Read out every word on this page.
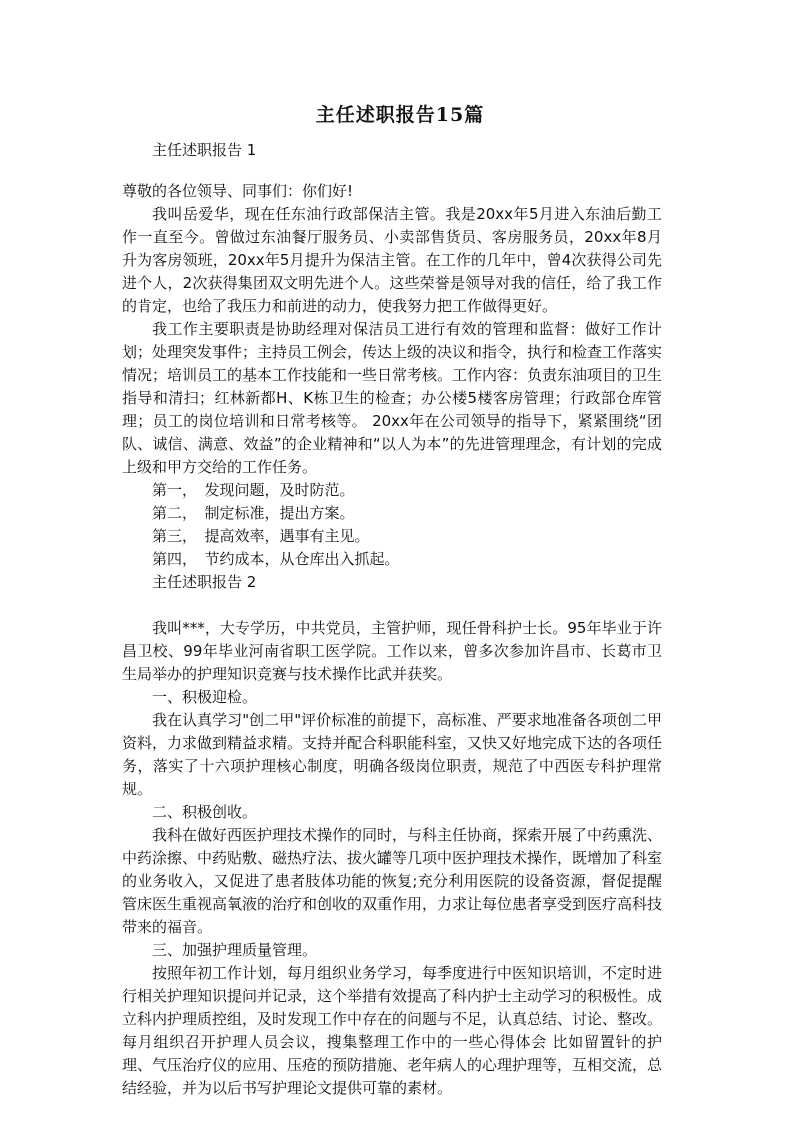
主任述职报告15篇

主任述职报告 1

尊敬的各位领导、同事们：你们好!

我叫岳爱华，现在任东油行政部保洁主管。我是20xx年5月进入东油后勤工作一直至今。曾做过东油餐厅服务员、小卖部售货员、客房服务员，20xx年8月升为客房领班，20xx年5月提升为保洁主管。在工作的几年中，曾4次获得公司先进个人，2次获得集团双文明先进个人。这些荣誉是领导对我的信任，给了我工作的肯定，也给了我压力和前进的动力，使我努力把工作做得更好。

我工作主要职责是协助经理对保洁员工进行有效的管理和监督：做好工作计划；处理突发事件；主持员工例会，传达上级的决议和指令，执行和检查工作落实情况；培训员工的基本工作技能和一些日常考核。工作内容：负责东油项目的卫生指导和清扫；红林新都H、K栋卫生的检查；办公楼5楼客房管理；行政部仓库管理；员工的岗位培训和日常考核等。 20xx年在公司领导的指导下，紧紧围绕“团队、诚信、满意、效益”的企业精神和“以人为本”的先进管理理念，有计划的完成上级和甲方交给的工作任务。

第一，　发现问题，及时防范。

第二，　制定标准，提出方案。

第三，　提高效率，遇事有主见。

第四，　节约成本，从仓库出入抓起。

主任述职报告 2

我叫***，大专学历，中共党员，主管护师，现任骨科护士长。95年毕业于许昌卫校、99年毕业河南省职工医学院。工作以来，曾多次参加许昌市、长葛市卫生局举办的护理知识竞赛与技术操作比武并获奖。

一、积极迎检。

我在认真学习"创二甲"评价标准的前提下，高标准、严要求地准备各项创二甲资料，力求做到精益求精。支持并配合科职能科室，又快又好地完成下达的各项任务，落实了十六项护理核心制度，明确各级岗位职责，规范了中西医专科护理常规。

二、积极创收。

我科在做好西医护理技术操作的同时，与科主任协商，探索开展了中药熏洗、中药涂擦、中药贴敷、磁热疗法、拔火罐等几项中医护理技术操作，既增加了科室的业务收入，又促进了患者肢体功能的恢复;充分利用医院的设备资源，督促提醒管床医生重视高氧液的治疗和创收的双重作用，力求让每位患者享受到医疗高科技带来的福音。

三、加强护理质量管理。

按照年初工作计划，每月组织业务学习，每季度进行中医知识培训，不定时进行相关护理知识提问并记录，这个举措有效提高了科内护士主动学习的积极性。成立科内护理质控组，及时发现工作中存在的问题与不足，认真总结、讨论、整改。每月组织召开护理人员会议，搜集整理工作中的一些心得体会 比如留置针的护理、气压治疗仪的应用、压疮的预防措施、老年病人的心理护理等，互相交流，总结经验，并为以后书写护理论文提供可靠的素材。
